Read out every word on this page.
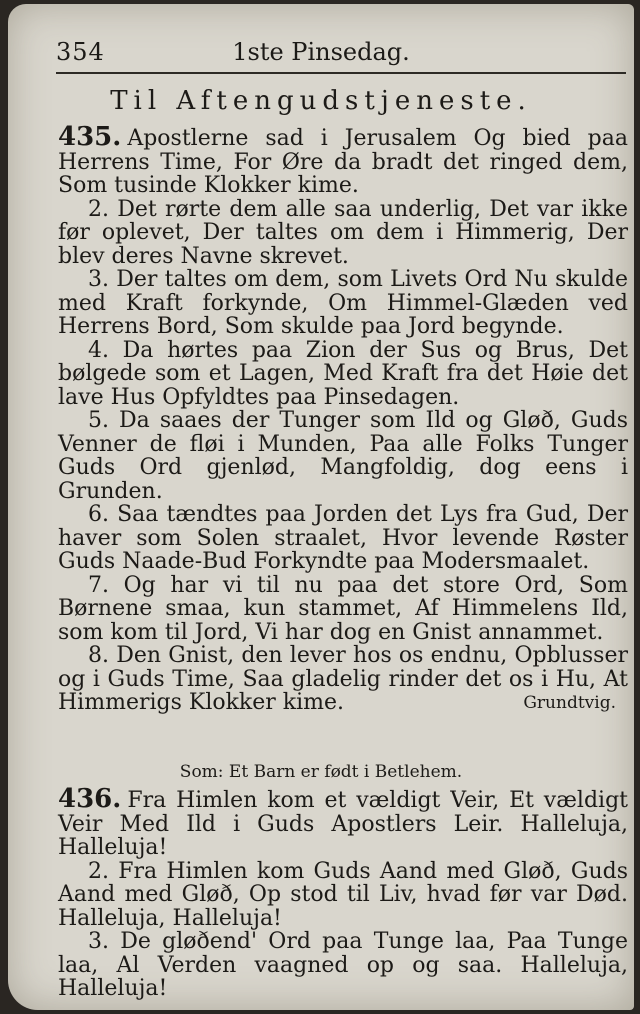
354	1ste Pinsedag.
Til Aftengudstjeneste.

435. Apostlerne sad i Jerusalem Og bied paa Herrens Time, For Øre da bradt det ringed dem, Som tusinde Klokker kime.

2. Det rørte dem alle saa underlig, Det var ikke før oplevet, Der taltes om dem i Himmerig, Der blev deres Navne skrevet.

3. Der taltes om dem, som Livets Ord Nu skulde med Kraft forkynde, Om Himmel-Glæden ved Herrens Bord, Som skulde paa Jord begynde.

4. Da hørtes paa Zion der Sus og Brus, Det bølgede som et Lagen, Med Kraft fra det Høie det lave Hus Opfyldtes paa Pinsedagen.

5. Da saaes der Tunger som Ild og Gløð, Guds Venner de fløi i Munden, Paa alle Folks Tunger Guds Ord gjenlød, Mangfoldig, dog eens i Grunden.

6. Saa tændtes paa Jorden det Lys fra Gud, Der haver som Solen straalet, Hvor levende Røster Guds Naade-Bud Forkyndte paa Modersmaalet.

7. Og har vi til nu paa det store Ord, Som Børnene smaa, kun stammet, Af Himmelens Ild, som kom til Jord, Vi har dog en Gnist annammet.

8. Den Gnist, den lever hos os endnu, Opblusser og i Guds Time, Saa gladelig rinder det os i Hu, At Himmerigs Klokker kime.	Grundtvig.
Som: Et Barn er født i Betlehem.

436. Fra Himlen kom et vældigt Veir, Et vældigt Veir Med Ild i Guds Apostlers Leir. Halleluja, Halleluja!

2. Fra Himlen kom Guds Aand med Gløð, Guds Aand med Gløð, Op stod til Liv, hvad før var Død. Halleluja, Halleluja!

3. De gløðend' Ord paa Tunge laa, Paa Tunge laa, Al Verden vaagned op og saa. Halleluja, Halleluja!
